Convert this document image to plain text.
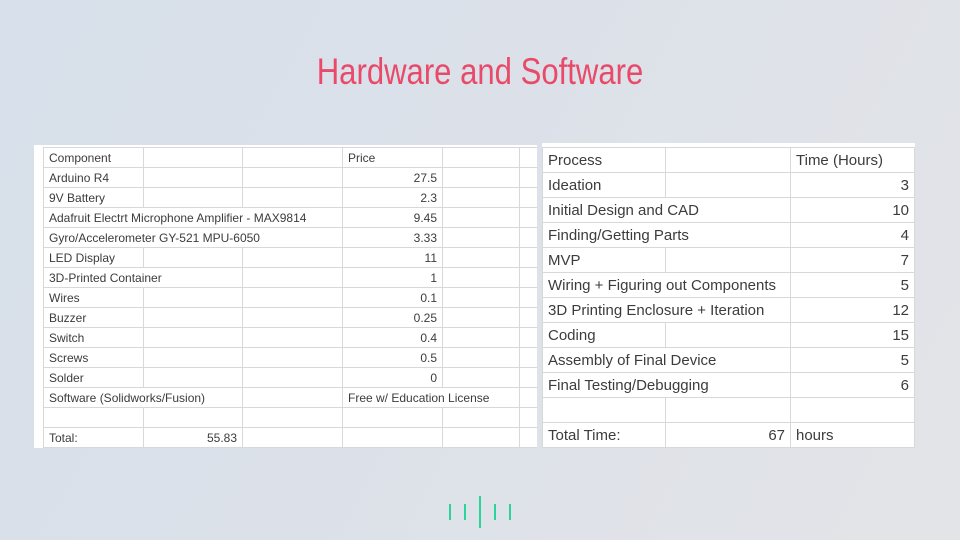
Hardware and Software
Component			Price		
Arduino R4			27.5		
9V Battery			2.3		
Adafruit Electrt Microphone Amplifier - MAX9814			9.45		
Gyro/Accelerometer GY-521 MPU-6050			3.33		
LED Display			11		
3D-Printed Container			1		
Wires			0.1		
Buzzer			0.25		
Switch			0.4		
Screws			0.5		
Solder			0		
Software (Solidworks/Fusion)			Free w/ Education License		

Total:	55.83				
Process		Time (Hours)
Ideation		3
Initial Design and CAD		10
Finding/Getting Parts		4
MVP		7
Wiring + Figuring out Components		5
3D Printing Enclosure + Iteration		12
Coding		15
Assembly of Final Device		5
Final Testing/Debugging		6

Total Time:	67	hours
